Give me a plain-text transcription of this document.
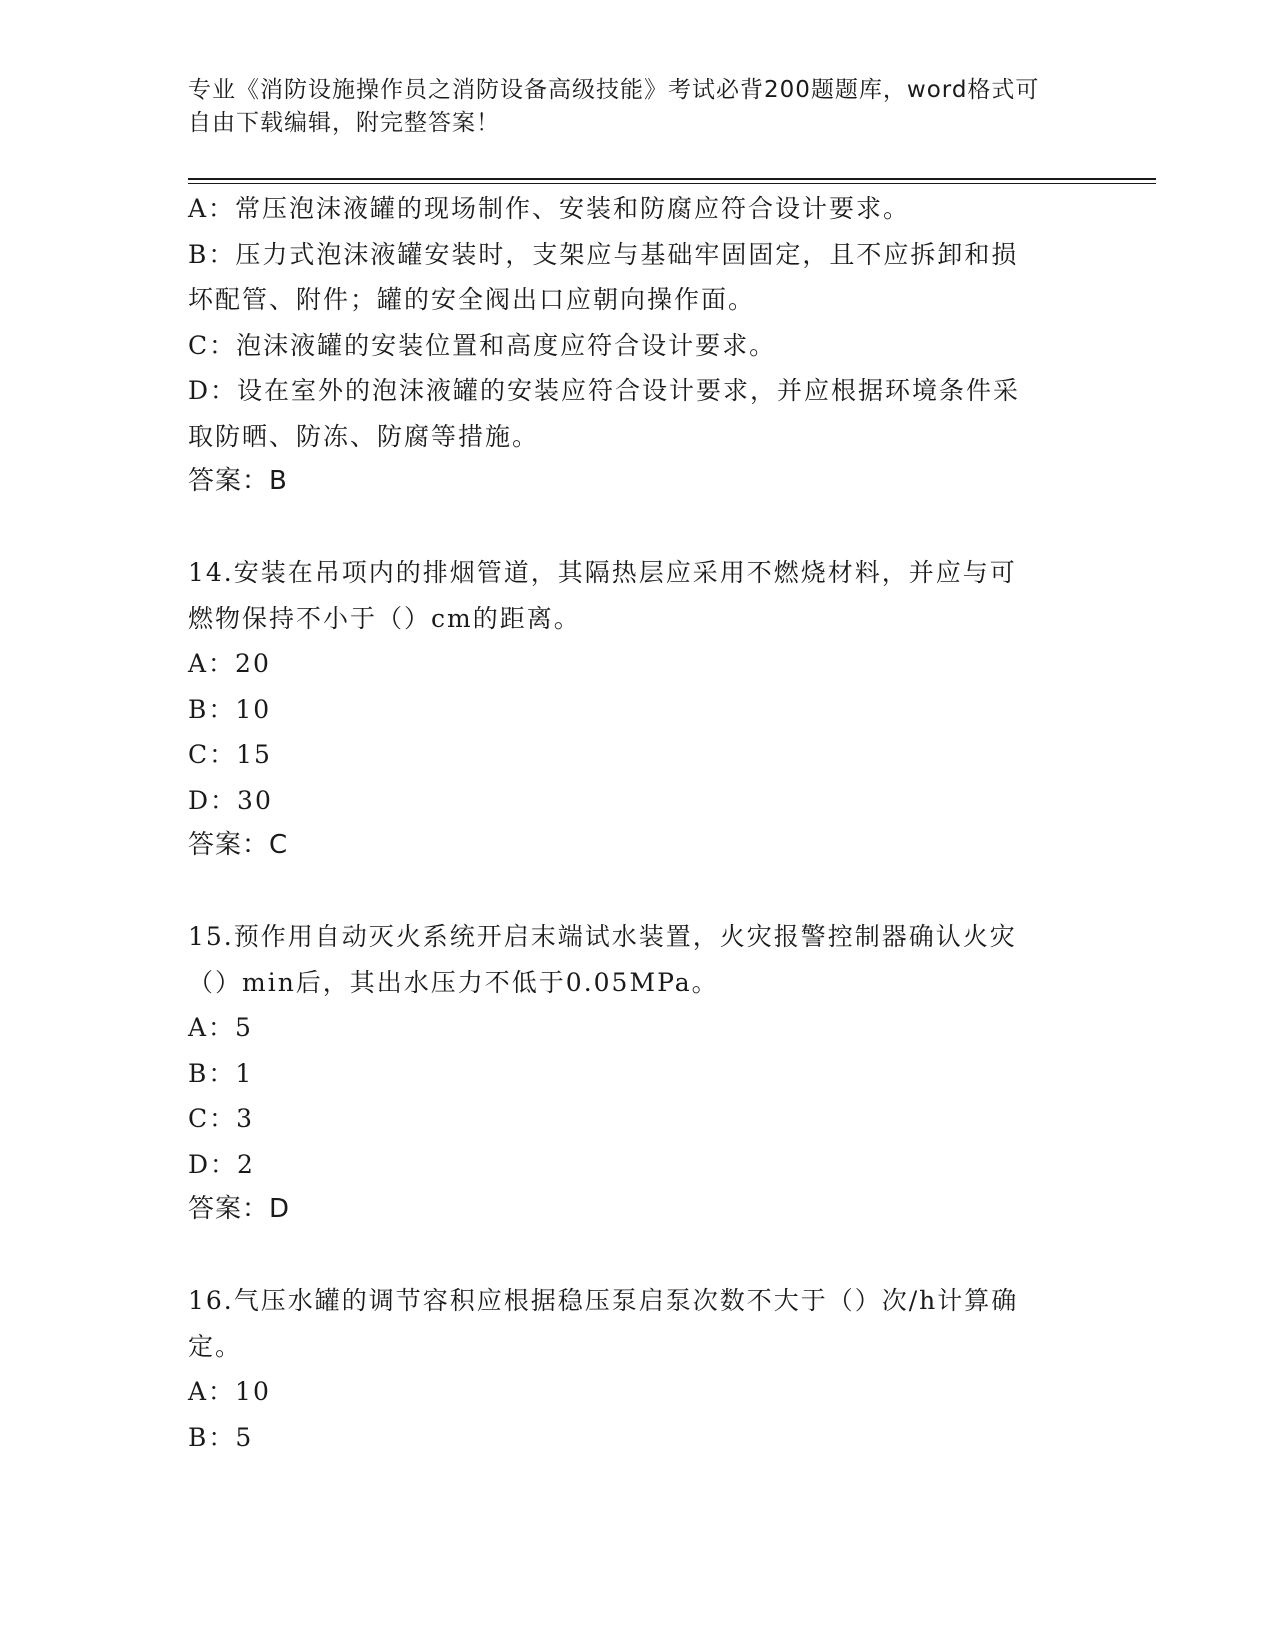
专业《消防设施操作员之消防设备高级技能》考试必背200题题库，word格式可
自由下载编辑，附完整答案！
A：常压泡沫液罐的现场制作、安装和防腐应符合设计要求。
B：压力式泡沫液罐安装时，支架应与基础牢固固定，且不应拆卸和损
坏配管、附件；罐的安全阀出口应朝向操作面。
C：泡沫液罐的安装位置和高度应符合设计要求。
D：设在室外的泡沫液罐的安装应符合设计要求，并应根据环境条件采
取防晒、防冻、防腐等措施。
答案：B
14.安装在吊项内的排烟管道，其隔热层应采用不燃烧材料，并应与可
燃物保持不小于（）cm的距离。
A：20
B：10
C：15
D：30
答案：C
15.预作用自动灭火系统开启末端试水装置，火灾报警控制器确认火灾
（）min后，其出水压力不低于0.05MPa。
A：5
B：1
C：3
D：2
答案：D
16.气压水罐的调节容积应根据稳压泵启泵次数不大于（）次/h计算确
定。
A：10
B：5
